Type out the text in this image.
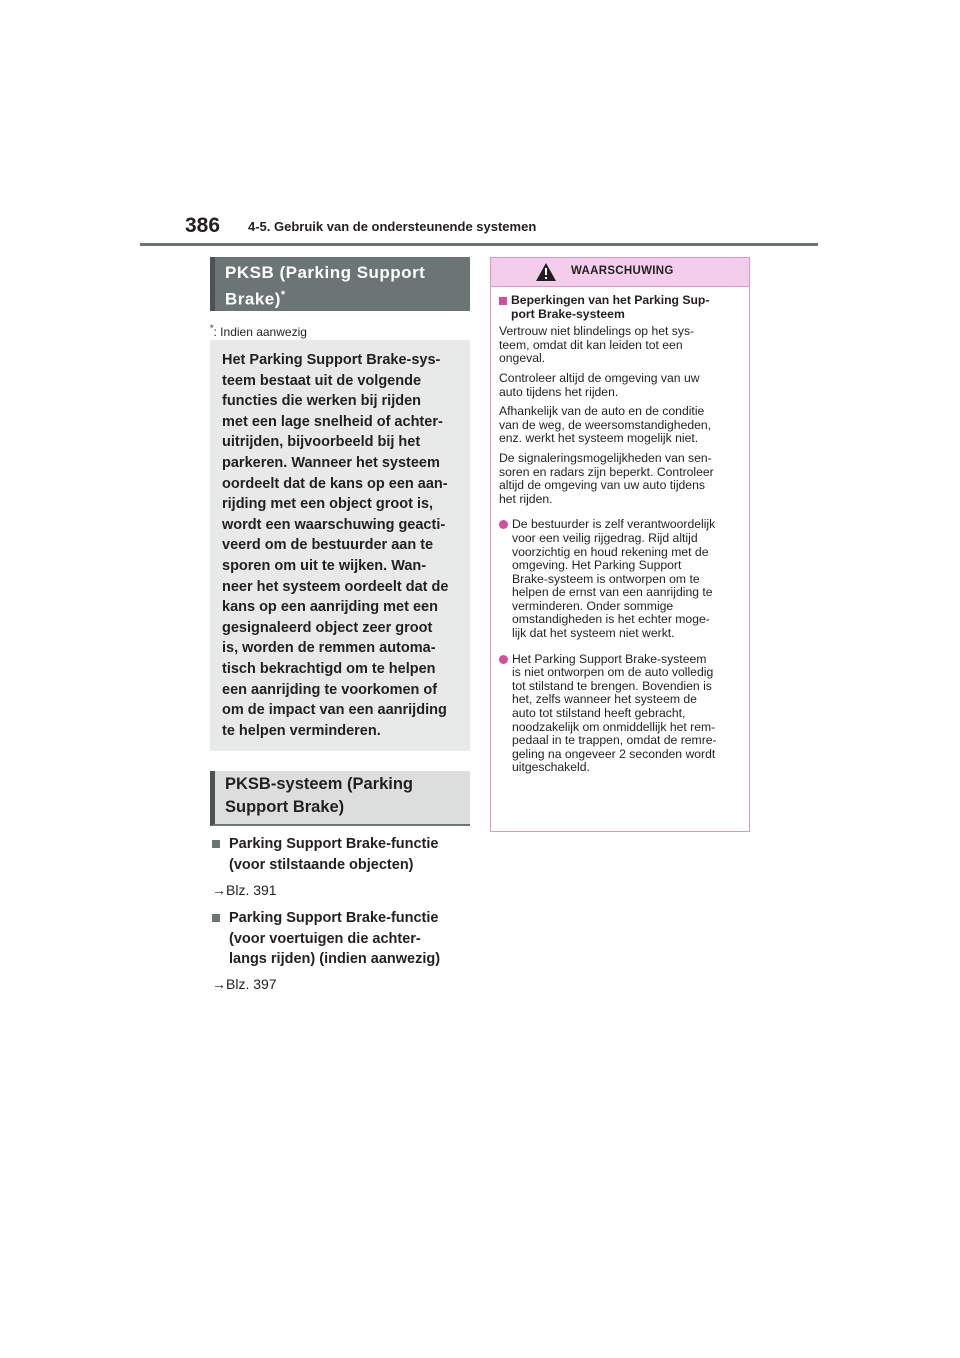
386 4-5. Gebruik van de ondersteunende systemen
PKSB (Parking Support
Brake)*
*: Indien aanwezig
Het Parking Support Brake-sys-
teem bestaat uit de volgende
functies die werken bij rijden
met een lage snelheid of achter-
uitrijden, bijvoorbeeld bij het
parkeren. Wanneer het systeem
oordeelt dat de kans op een aan-
rijding met een object groot is,
wordt een waarschuwing geacti-
veerd om de bestuurder aan te
sporen om uit te wijken. Wan-
neer het systeem oordeelt dat de
kans op een aanrijding met een
gesignaleerd object zeer groot
is, worden de remmen automa-
tisch bekrachtigd om te helpen
een aanrijding te voorkomen of
om de impact van een aanrijding
te helpen verminderen.
PKSB-systeem (Parking
Support Brake)
Parking Support Brake-functie
(voor stilstaande objecten)
→Blz. 391
Parking Support Brake-functie
(voor voertuigen die achter-
langs rijden) (indien aanwezig)
→Blz. 397
WAARSCHUWING
Beperkingen van het Parking Sup-
port Brake-systeem

Vertrouw niet blindelings op het sys-
teem, omdat dit kan leiden tot een
ongeval.

Controleer altijd de omgeving van uw
auto tijdens het rijden.

Afhankelijk van de auto en de conditie
van de weg, de weersomstandigheden,
enz. werkt het systeem mogelijk niet.

De signaleringsmogelijkheden van sen-
soren en radars zijn beperkt. Controleer
altijd de omgeving van uw auto tijdens
het rijden.

De bestuurder is zelf verantwoordelijk
voor een veilig rijgedrag. Rijd altijd
voorzichtig en houd rekening met de
omgeving. Het Parking Support
Brake-systeem is ontworpen om te
helpen de ernst van een aanrijding te
verminderen. Onder sommige
omstandigheden is het echter moge-
lijk dat het systeem niet werkt.
Het Parking Support Brake-systeem
is niet ontworpen om de auto volledig
tot stilstand te brengen. Bovendien is
het, zelfs wanneer het systeem de
auto tot stilstand heeft gebracht,
noodzakelijk om onmiddellijk het rem-
pedaal in te trappen, omdat de remre-
geling na ongeveer 2 seconden wordt
uitgeschakeld.
